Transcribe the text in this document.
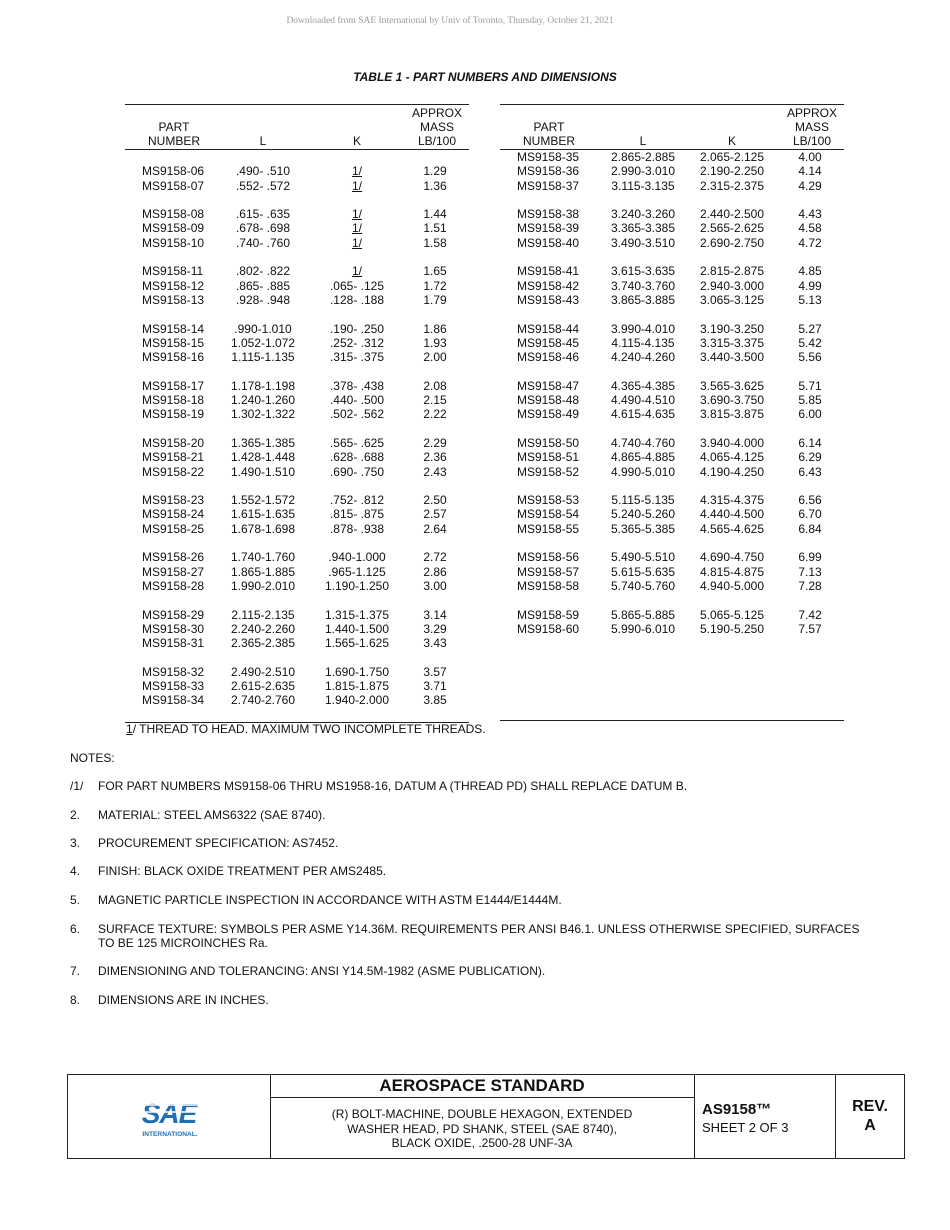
Downloaded from SAE International by Univ of Toronto, Thursday, October 21, 2021
TABLE 1 - PART NUMBERS AND DIMENSIONS
PART
NUMBER	L	K
APPROX
MASS
LB/100
MS9158-06	.490- .510	1/	1.29
MS9158-07	.552- .572	1/	1.36
MS9158-08	.615- .635	1/	1.44
MS9158-09	.678- .698	1/	1.51
MS9158-10	.740- .760	1/	1.58
MS9158-11	.802- .822	1/	1.65
MS9158-12	.865- .885	.065- .125	1.72
MS9158-13	.928- .948	.128- .188	1.79
MS9158-14	.990-1.010	.190- .250	1.86
MS9158-15	1.052-1.072	.252- .312	1.93
MS9158-16	1.115-1.135	.315- .375	2.00
MS9158-17	1.178-1.198	.378- .438	2.08
MS9158-18	1.240-1.260	.440- .500	2.15
MS9158-19	1.302-1.322	.502- .562	2.22
MS9158-20	1.365-1.385	.565- .625	2.29
MS9158-21	1.428-1.448	.628- .688	2.36
MS9158-22	1.490-1.510	.690- .750	2.43
MS9158-23	1.552-1.572	.752- .812	2.50
MS9158-24	1.615-1.635	.815- .875	2.57
MS9158-25	1.678-1.698	.878- .938	2.64
MS9158-26	1.740-1.760	.940-1.000	2.72
MS9158-27	1.865-1.885	.965-1.125	2.86
MS9158-28	1.990-2.010	1.190-1.250	3.00
MS9158-29	2.115-2.135	1.315-1.375	3.14
MS9158-30	2.240-2.260	1.440-1.500	3.29
MS9158-31	2.365-2.385	1.565-1.625	3.43
MS9158-32	2.490-2.510	1.690-1.750	3.57
MS9158-33	2.615-2.635	1.815-1.875	3.71
MS9158-34	2.740-2.760	1.940-2.000	3.85
PART
NUMBER	L	K
APPROX
MASS
LB/100
MS9158-35	2.865-2.885	2.065-2.125	4.00
MS9158-36	2.990-3.010	2.190-2.250	4.14
MS9158-37	3.115-3.135	2.315-2.375	4.29
MS9158-38	3.240-3.260	2.440-2.500	4.43
MS9158-39	3.365-3.385	2.565-2.625	4.58
MS9158-40	3.490-3.510	2.690-2.750	4.72
MS9158-41	3.615-3.635	2.815-2.875	4.85
MS9158-42	3.740-3.760	2.940-3.000	4.99
MS9158-43	3.865-3.885	3.065-3.125	5.13
MS9158-44	3.990-4.010	3.190-3.250	5.27
MS9158-45	4.115-4.135	3.315-3.375	5.42
MS9158-46	4.240-4.260	3.440-3.500	5.56
MS9158-47	4.365-4.385	3.565-3.625	5.71
MS9158-48	4.490-4.510	3.690-3.750	5.85
MS9158-49	4.615-4.635	3.815-3.875	6.00
MS9158-50	4.740-4.760	3.940-4.000	6.14
MS9158-51	4.865-4.885	4.065-4.125	6.29
MS9158-52	4.990-5.010	4.190-4.250	6.43
MS9158-53	5.115-5.135	4.315-4.375	6.56
MS9158-54	5.240-5.260	4.440-4.500	6.70
MS9158-55	5.365-5.385	4.565-4.625	6.84
MS9158-56	5.490-5.510	4.690-4.750	6.99
MS9158-57	5.615-5.635	4.815-4.875	7.13
MS9158-58	5.740-5.760	4.940-5.000	7.28
MS9158-59	5.865-5.885	5.065-5.125	7.42
MS9158-60	5.990-6.010	5.190-5.250	7.57
1/ THREAD TO HEAD. MAXIMUM TWO INCOMPLETE THREADS.
NOTES:
/1/ FOR PART NUMBERS MS9158-06 THRU MS1958-16, DATUM A (THREAD PD) SHALL REPLACE DATUM B.
2. MATERIAL: STEEL AMS6322 (SAE 8740).
3. PROCUREMENT SPECIFICATION: AS7452.
4. FINISH: BLACK OXIDE TREATMENT PER AMS2485.
5. MAGNETIC PARTICLE INSPECTION IN ACCORDANCE WITH ASTM E1444/E1444M.
6. SURFACE TEXTURE: SYMBOLS PER ASME Y14.36M. REQUIREMENTS PER ANSI B46.1. UNLESS OTHERWISE SPECIFIED, SURFACES TO BE 125 MICROINCHES Ra.
7. DIMENSIONING AND TOLERANCING: ANSI Y14.5M-1982 (ASME PUBLICATION).
8. DIMENSIONS ARE IN INCHES.
SAE
INTERNATIONAL.
AEROSPACE STANDARD
(R) BOLT-MACHINE, DOUBLE HEXAGON, EXTENDED
WASHER HEAD, PD SHANK, STEEL (SAE 8740),
BLACK OXIDE, .2500-28 UNF-3A
AS9158™
SHEET 2 OF 3
REV.
A
